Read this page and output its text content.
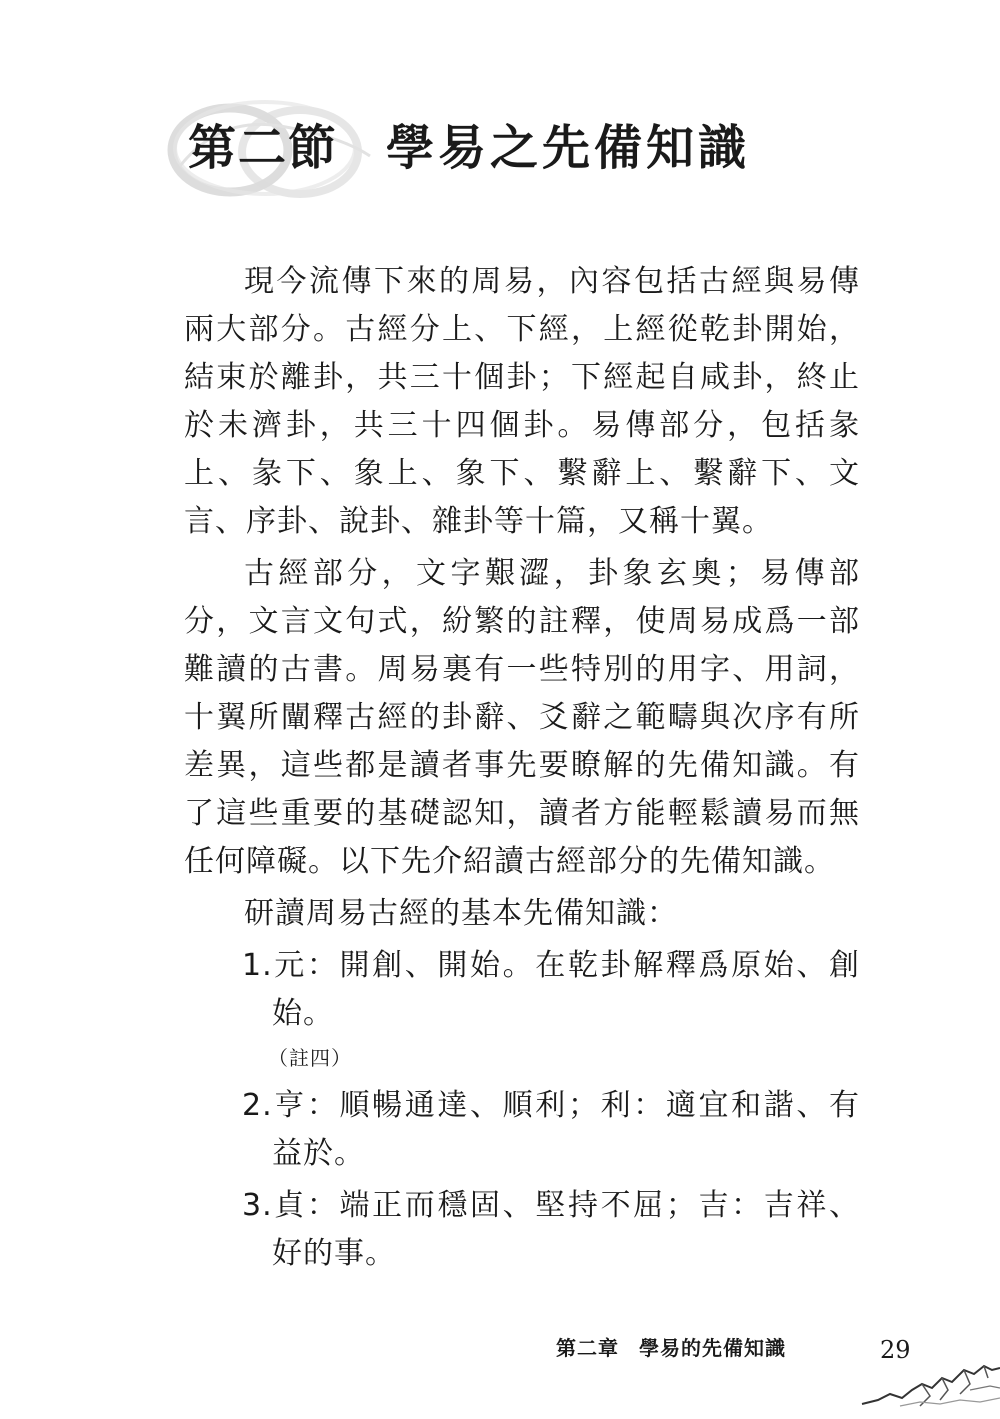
第二節 學易之先備知識

現今流傳下來的周易，內容包括古經與易傳兩大部分。古經分上、下經，上經從乾卦開始，結束於離卦，共三十個卦；下經起自咸卦，終止於未濟卦，共三十四個卦。易傳部分，包括彖上、彖下、象上、象下、繫辭上、繫辭下、文言、序卦、說卦、雜卦等十篇，又稱十翼。

古經部分，文字艱澀，卦象玄奧；易傳部分，文言文句式，紛繁的註釋，使周易成爲一部難讀的古書。周易裏有一些特別的用字、用詞，十翼所闡釋古經的卦辭、爻辭之範疇與次序有所差異，這些都是讀者事先要瞭解的先備知識。有了這些重要的基礎認知，讀者方能輕鬆讀易而無任何障礙。以下先介紹讀古經部分的先備知識。

研讀周易古經的基本先備知識：

1.元：開創、開始。在乾卦解釋爲原始、創始。
（註四）
2.亨：順暢通達、順利；利：適宜和諧、有益於。
3.貞：端正而穩固、堅持不屈；吉：吉祥、好的事。
第二章 學易的先備知識	29
